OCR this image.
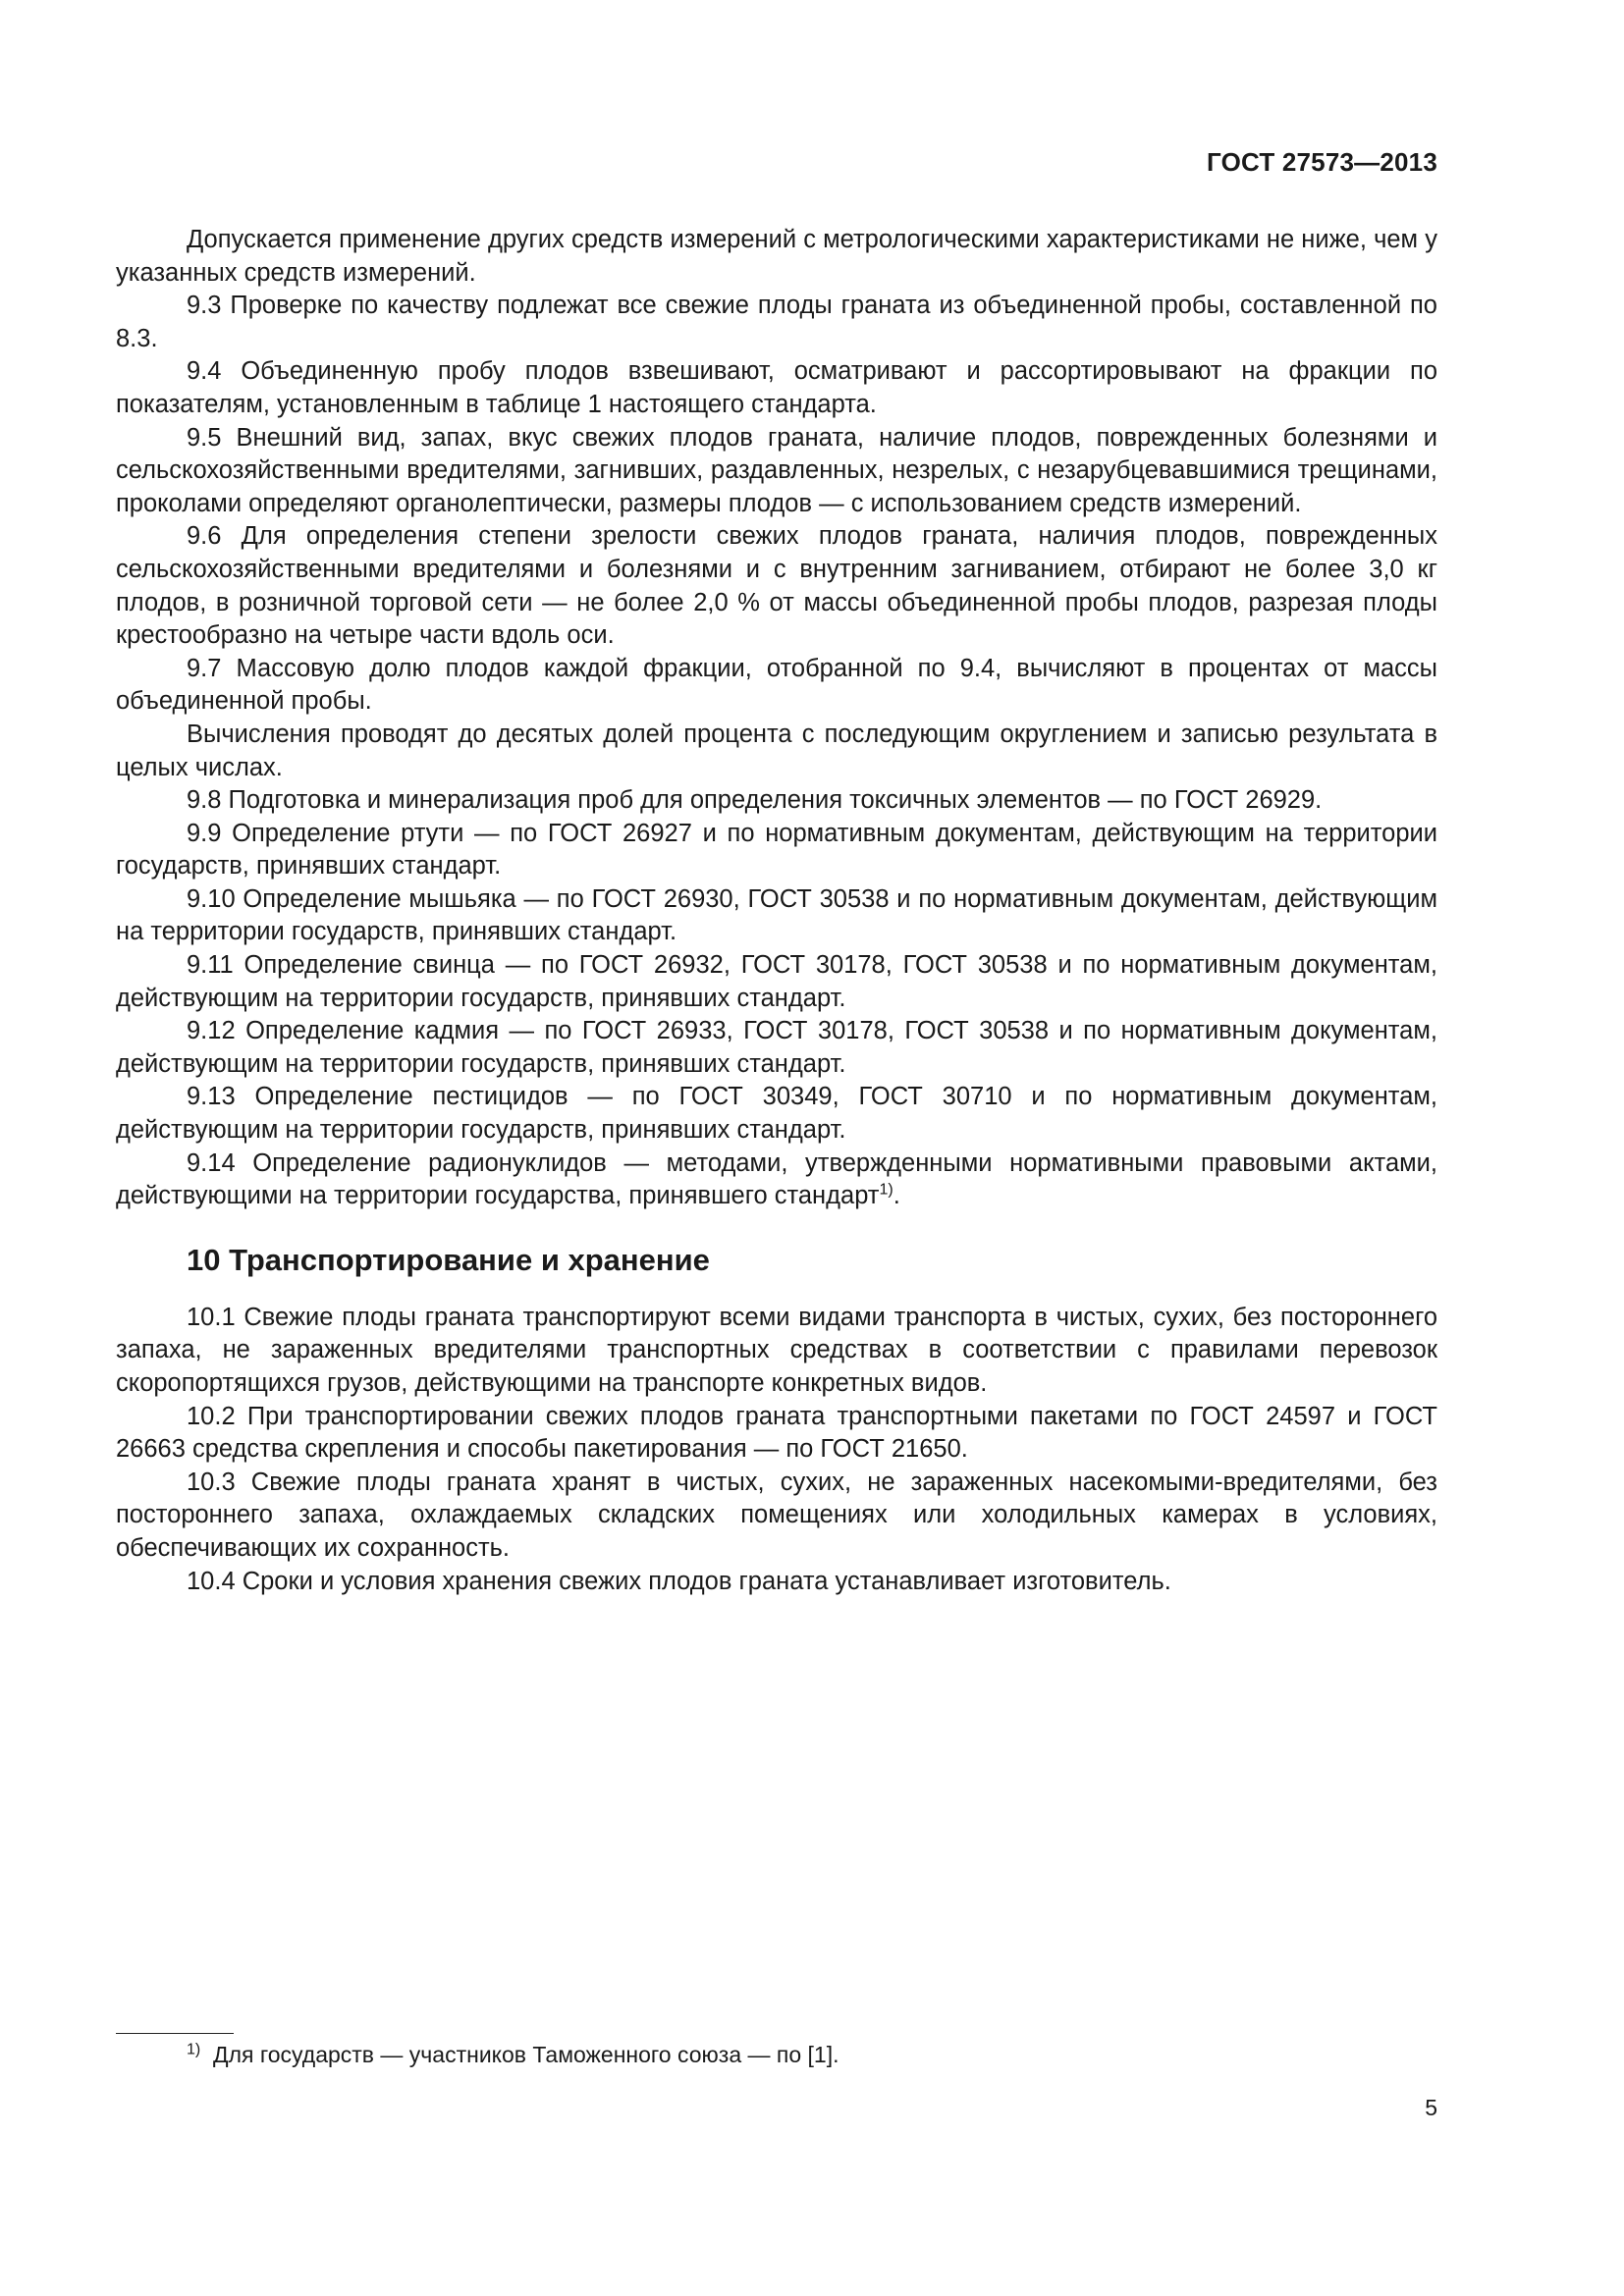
ГОСТ 27573—2013

Допускается применение других средств измерений с метрологическими характеристиками не ниже, чем у указанных средств измерений.

9.3 Проверке по качеству подлежат все свежие плоды граната из объединенной пробы, составленной по 8.3.

9.4 Объединенную пробу плодов взвешивают, осматривают и рассортировывают на фракции по показателям, установленным в таблице 1 настоящего стандарта.

9.5 Внешний вид, запах, вкус свежих плодов граната, наличие плодов, поврежденных болезнями и сельскохозяйственными вредителями, загнивших, раздавленных, незрелых, с незарубцевавшимися трещинами, проколами определяют органолептически, размеры плодов — с использованием средств измерений.

9.6 Для определения степени зрелости свежих плодов граната, наличия плодов, поврежденных сельскохозяйственными вредителями и болезнями и с внутренним загниванием, отбирают не более 3,0 кг плодов, в розничной торговой сети — не более 2,0 % от массы объединенной пробы плодов, разрезая плоды крестообразно на четыре части вдоль оси.

9.7 Массовую долю плодов каждой фракции, отобранной по 9.4, вычисляют в процентах от массы объединенной пробы.

Вычисления проводят до десятых долей процента с последующим округлением и записью результата в целых числах.

9.8 Подготовка и минерализация проб для определения токсичных элементов — по ГОСТ 26929.

9.9 Определение ртути — по ГОСТ 26927 и по нормативным документам, действующим на территории государств, принявших стандарт.

9.10 Определение мышьяка — по ГОСТ 26930, ГОСТ 30538 и по нормативным документам, действующим на территории государств, принявших стандарт.

9.11 Определение свинца — по ГОСТ 26932, ГОСТ 30178, ГОСТ 30538 и по нормативным документам, действующим на территории государств, принявших стандарт.

9.12 Определение кадмия — по ГОСТ 26933, ГОСТ 30178, ГОСТ 30538 и по нормативным документам, действующим на территории государств, принявших стандарт.

9.13 Определение пестицидов — по ГОСТ 30349, ГОСТ 30710 и по нормативным документам, действующим на территории государств, принявших стандарт.

9.14 Определение радионуклидов — методами, утвержденными нормативными правовыми актами, действующими на территории государства, принявшего стандарт$^{1)}$.

10 Транспортирование и хранение

10.1 Свежие плоды граната транспортируют всеми видами транспорта в чистых, сухих, без постороннего запаха, не зараженных вредителями транспортных средствах в соответствии с правилами перевозок скоропортящихся грузов, действующими на транспорте конкретных видов.

10.2 При транспортировании свежих плодов граната транспортными пакетами по ГОСТ 24597 и ГОСТ 26663 средства скрепления и способы пакетирования — по ГОСТ 21650.

10.3 Свежие плоды граната хранят в чистых, сухих, не зараженных насекомыми-вредителями, без постороннего запаха, охлаждаемых складских помещениях или холодильных камерах в условиях, обеспечивающих их сохранность.

10.4 Сроки и условия хранения свежих плодов граната устанавливает изготовитель.

$^{1)}$ Для государств — участников Таможенного союза — по [1].
5
